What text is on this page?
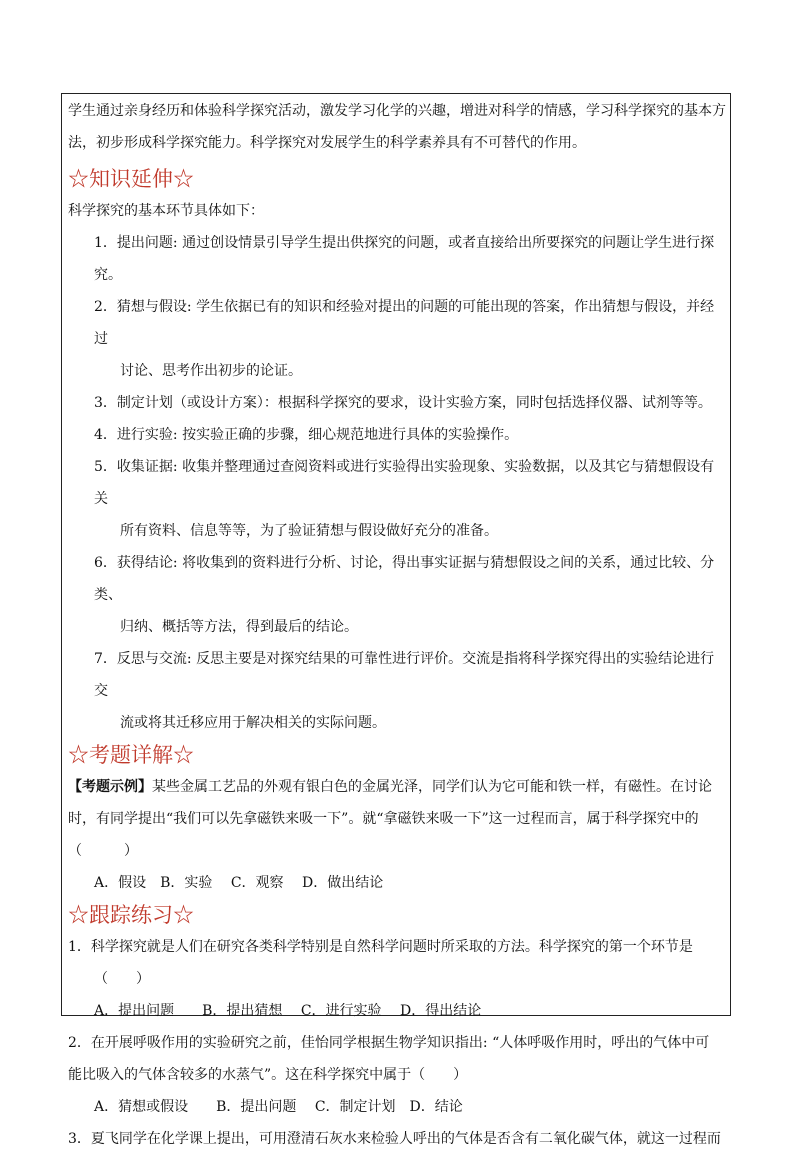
学生通过亲身经历和体验科学探究活动，激发学习化学的兴趣，增进对科学的情感，学习科学探究的基本方

法，初步形成科学探究能力。科学探究对发展学生的科学素养具有不可替代的作用。

☆知识延伸☆

科学探究的基本环节具体如下：

1．提出问题: 通过创设情景引导学生提出供探究的问题，或者直接给出所要探究的问题让学生进行探究。

2．猜想与假设: 学生依据已有的知识和经验对提出的问题的可能出现的答案，作出猜想与假设，并经过

讨论、思考作出初步的论证。

3．制定计划（或设计方案）：根据科学探究的要求，设计实验方案，同时包括选择仪器、试剂等等。

4．进行实验: 按实验正确的步骤，细心规范地进行具体的实验操作。

5．收集证据: 收集并整理通过查阅资料或进行实验得出实验现象、实验数据，以及其它与猜想假设有关

所有资料、信息等等，为了验证猜想与假设做好充分的准备。

6．获得结论: 将收集到的资料进行分析、讨论，得出事实证据与猜想假设之间的关系，通过比较、分类、

归纳、概括等方法，得到最后的结论。

7．反思与交流: 反思主要是对探究结果的可靠性进行评价。交流是指将科学探究得出的实验结论进行交

流或将其迁移应用于解决相关的实际问题。

☆考题详解☆

【考题示例】某些金属工艺品的外观有银白色的金属光泽，同学们认为它可能和铁一样，有磁性。在讨论

时，有同学提出“我们可以先拿磁铁来吸一下”。就“拿磁铁来吸一下”这一过程而言，属于科学探究中的

（　　　）

A．假设　B．实验　 C．观察　 D．做出结论

☆跟踪练习☆

1．科学探究就是人们在研究各类科学特别是自然科学问题时所采取的方法。科学探究的第一个环节是

（　　）

A．提出问题　　B．提出猜想　 C．进行实验　 D．得出结论

2．在开展呼吸作用的实验研究之前，佳怡同学根据生物学知识指出: “人体呼吸作用时，呼出的气体中可

能比吸入的气体含较多的水蒸气”。这在科学探究中属于（　　）

A．猜想或假设　　B．提出问题　 C．制定计划　D．结论

3．夏飞同学在化学课上提出，可用澄清石灰水来检验人呼出的气体是否含有二氧化碳气体，就这一过程而
